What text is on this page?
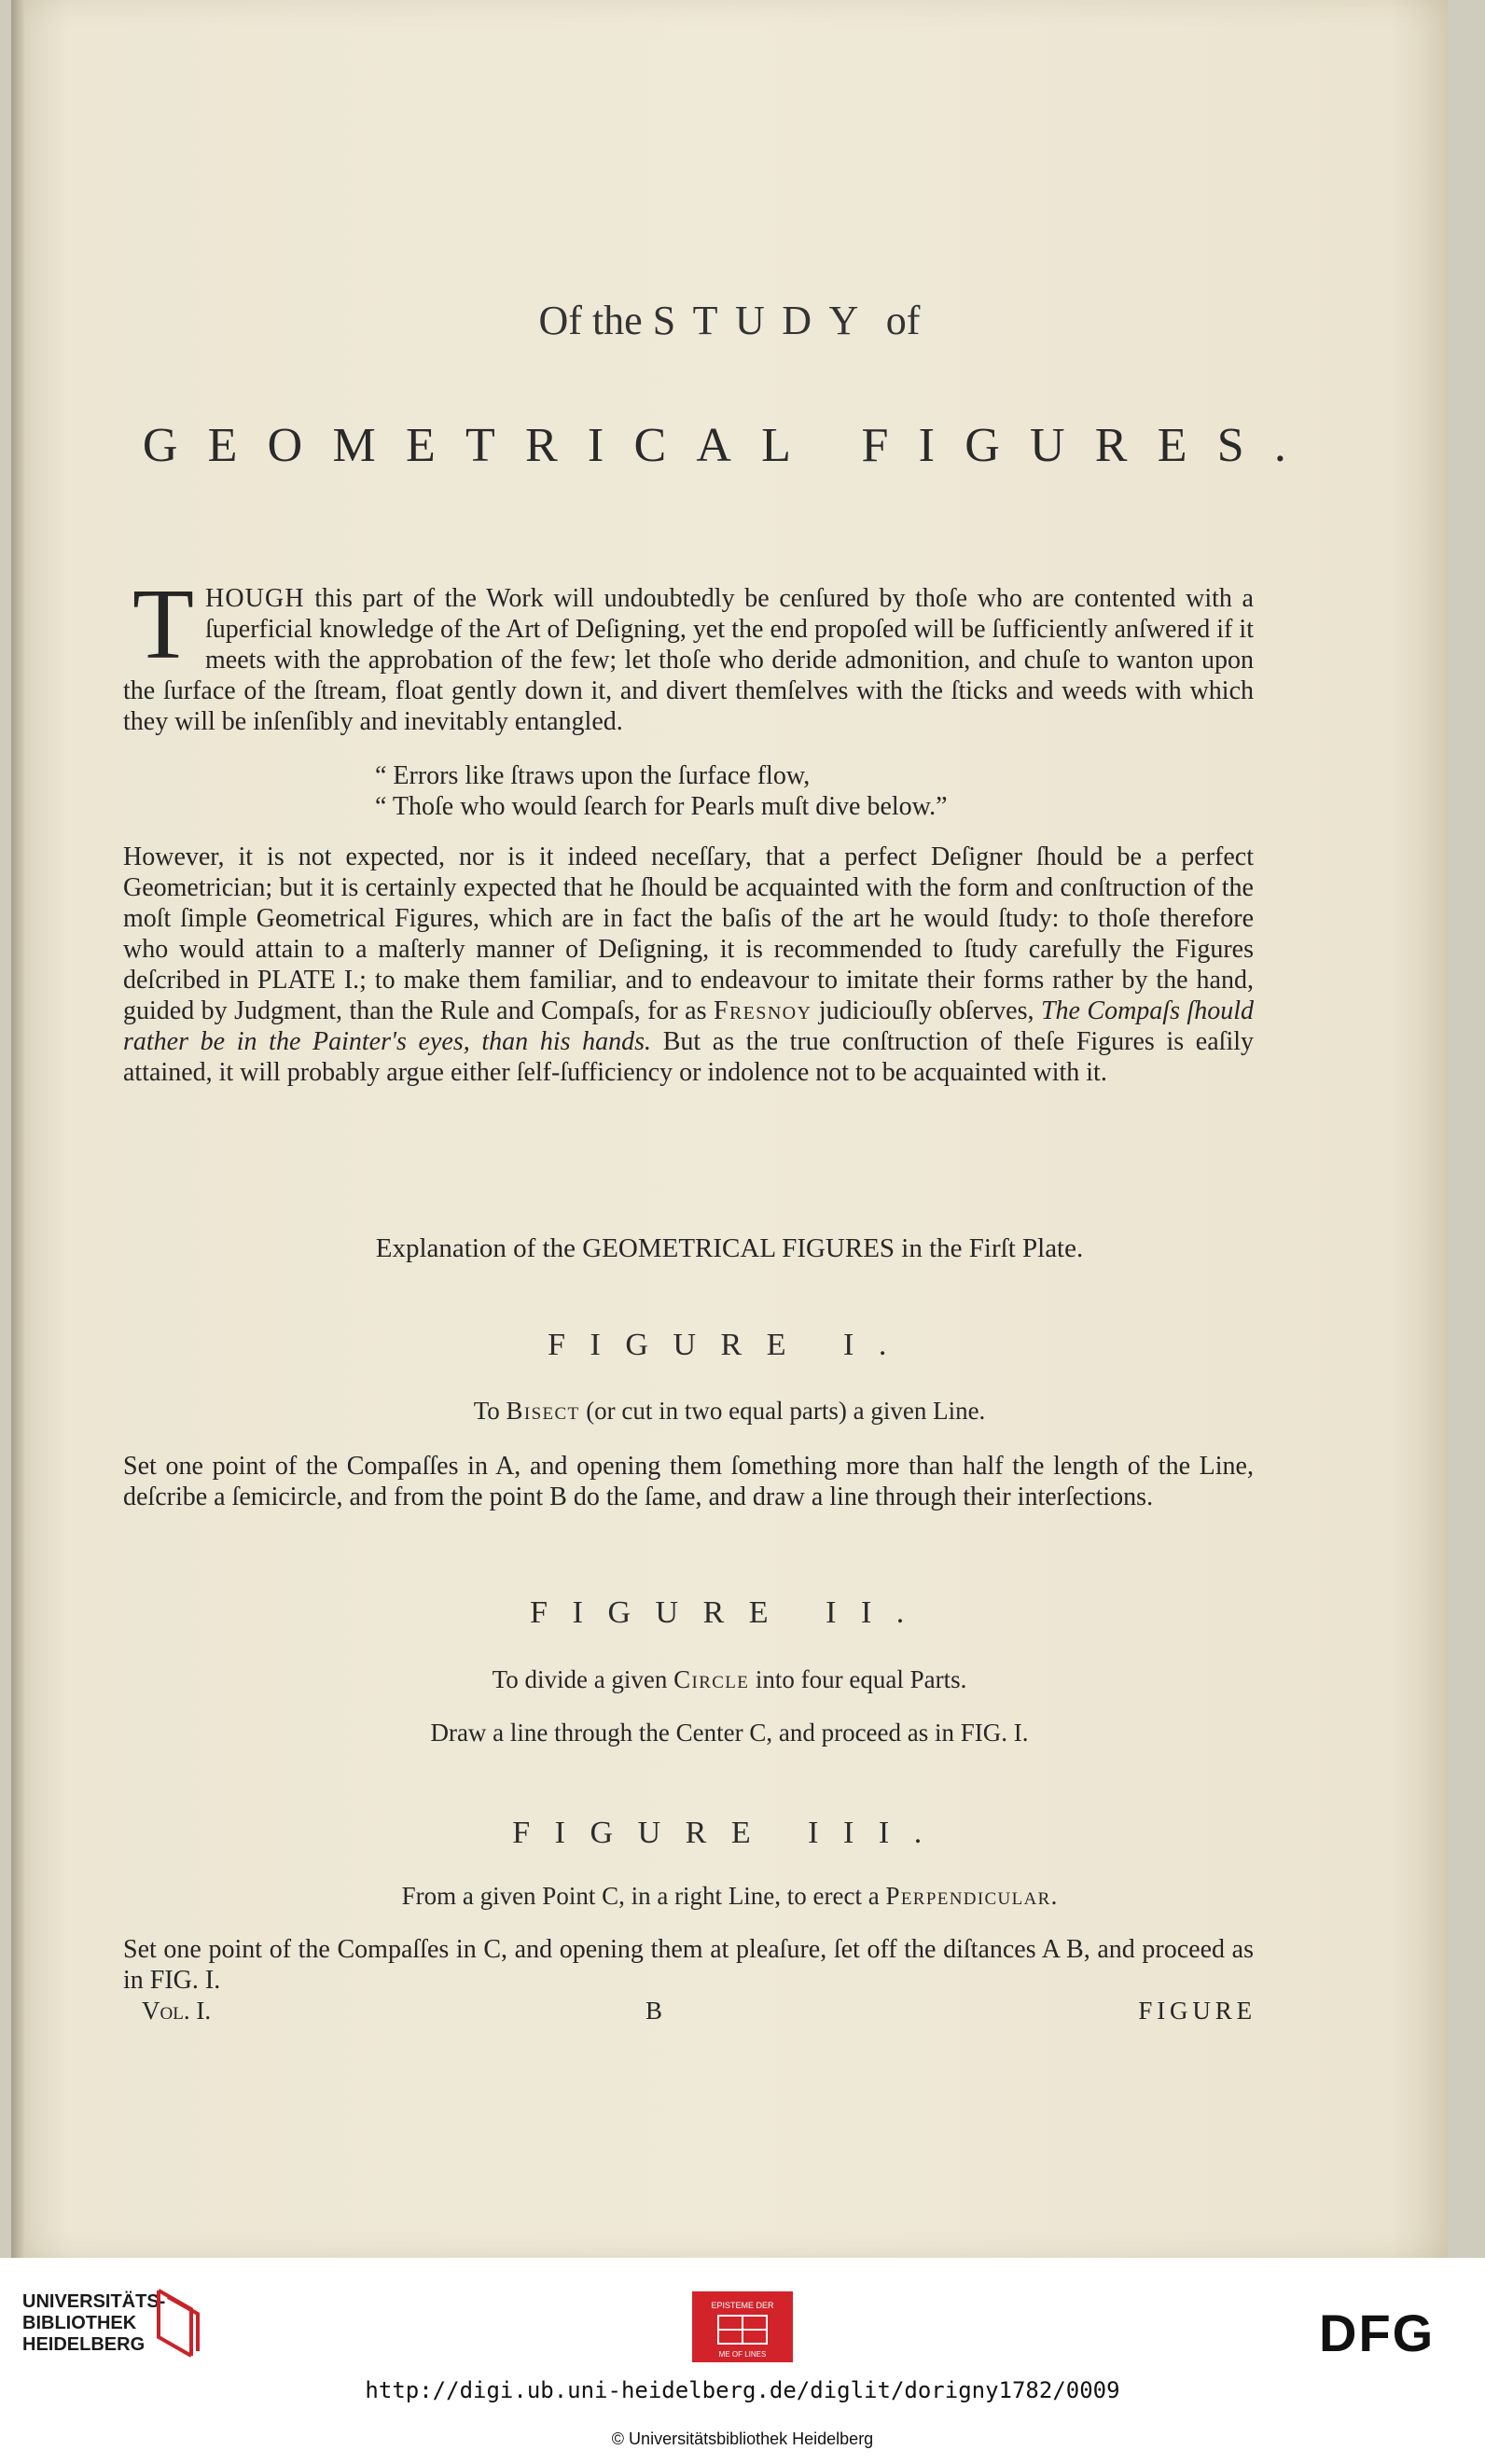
Of the STUDY of
GEOMETRICAL FIGURES.
THOUGH this part of the Work will undoubtedly be cenſured by thoſe who are contented with a ſuperficial knowledge of the Art of Deſigning, yet the end propoſed will be ſufficiently anſwered if it meets with the approbation of the few; let thoſe who deride admonition, and chuſe to wanton upon the ſurface of the ſtream, float gently down it, and divert themſelves with the ſticks and weeds with which they will be inſenſibly and inevitably entangled.
“ Errors like ſtraws upon the ſurface flow,
“ Thoſe who would ſearch for Pearls muſt dive below.”
However, it is not expected, nor is it indeed neceſſary, that a perfect Deſigner ſhould be a perfect Geometrician; but it is certainly expected that he ſhould be acquainted with the form and conſtruction of the moſt ſimple Geometrical Figures, which are in fact the baſis of the art he would ſtudy: to thoſe therefore who would attain to a maſterly manner of Deſigning, it is recommended to ſtudy carefully the Figures deſcribed in PLATE I.; to make them familiar, and to endeavour to imitate their forms rather by the hand, guided by Judgment, than the Rule and Compaſs, for as Fresnoy judiciouſly obſerves, The Compaſs ſhould rather be in the Painter's eyes, than his hands. But as the true conſtruction of theſe Figures is eaſily attained, it will probably argue either ſelf-ſufficiency or indolence not to be acquainted with it.
Explanation of the GEOMETRICAL FIGURES in the Firſt Plate.
FIGURE I.
To Bisect (or cut in two equal parts) a given Line.
Set one point of the Compaſſes in A, and opening them ſomething more than half the length of the Line, deſcribe a ſemicircle, and from the point B do the ſame, and draw a line through their interſections.
FIGURE II.
To divide a given Circle into four equal Parts.
Draw a line through the Center C, and proceed as in FIG. I.
FIGURE III.
From a given Point C, in a right Line, to erect a Perpendicular.
Set one point of the Compaſſes in C, and opening them at pleaſure, ſet off the diſtances A B, and proceed as in FIG. I.
Vol. I.	B	FIGURE
UNIVERSITÄTS-
BIBLIOTHEK
HEIDELBERG
EPISTEME DER
ME OF LINES	DFG
http://digi.ub.uni-heidelberg.de/diglit/dorigny1782/0009
© Universitätsbibliothek Heidelberg
